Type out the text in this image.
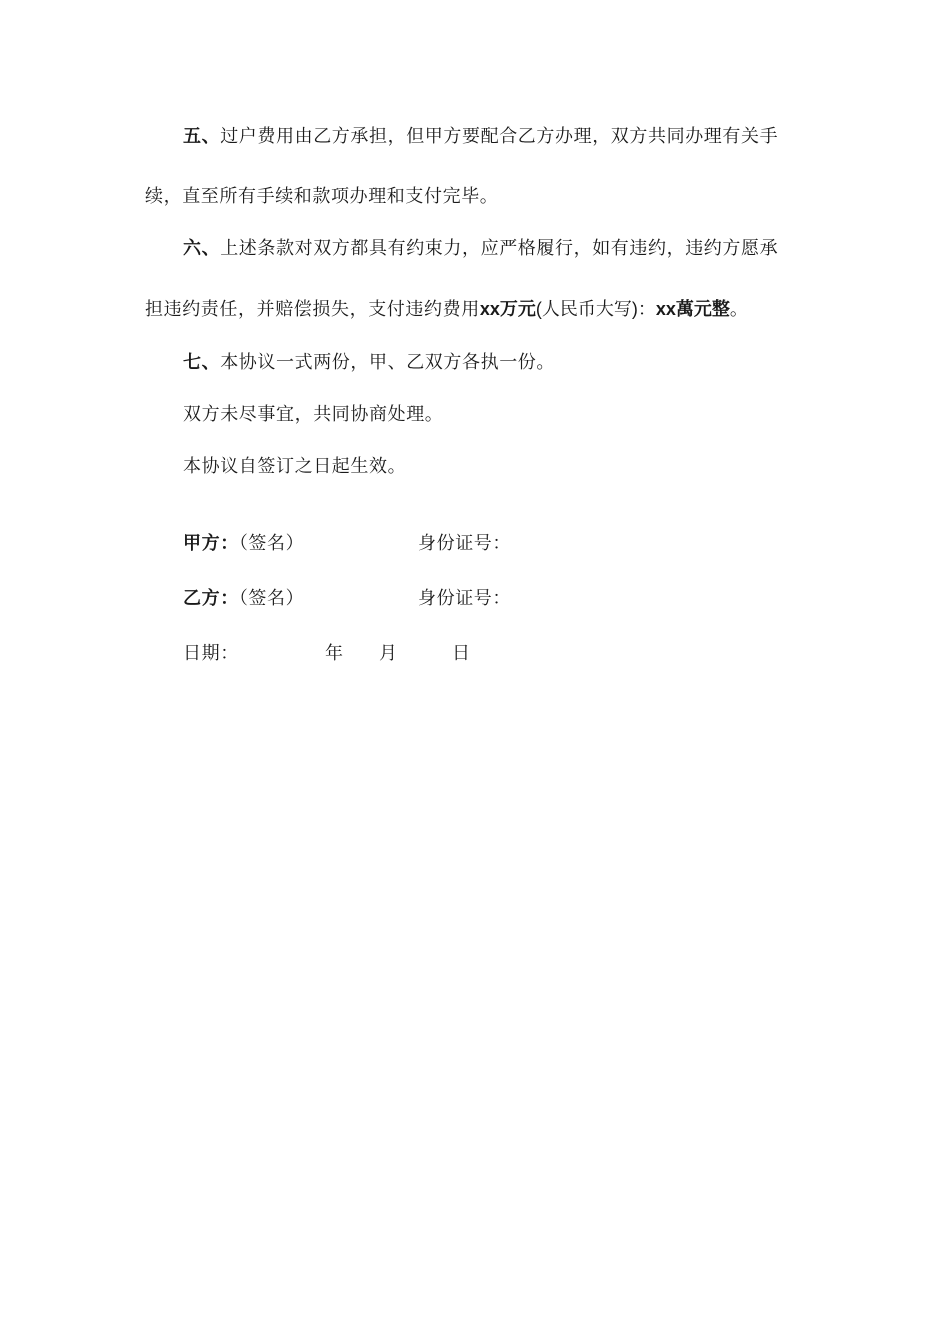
五、过户费用由乙方承担，但甲方要配合乙方办理，双方共同办理有关手
续，直至所有手续和款项办理和支付完毕。
六、上述条款对双方都具有约束力，应严格履行，如有违约，违约方愿承
担违约责任，并赔偿损失，支付违约费用xx万元(人民币大写)：xx萬元整。
七、本协议一式两份，甲、乙双方各执一份。
双方未尽事宜，共同协商处理。
本协议自签订之日起生效。
甲方：（签名）	身份证号：
乙方：（签名）	身份证号：
日期：	年 月	日
